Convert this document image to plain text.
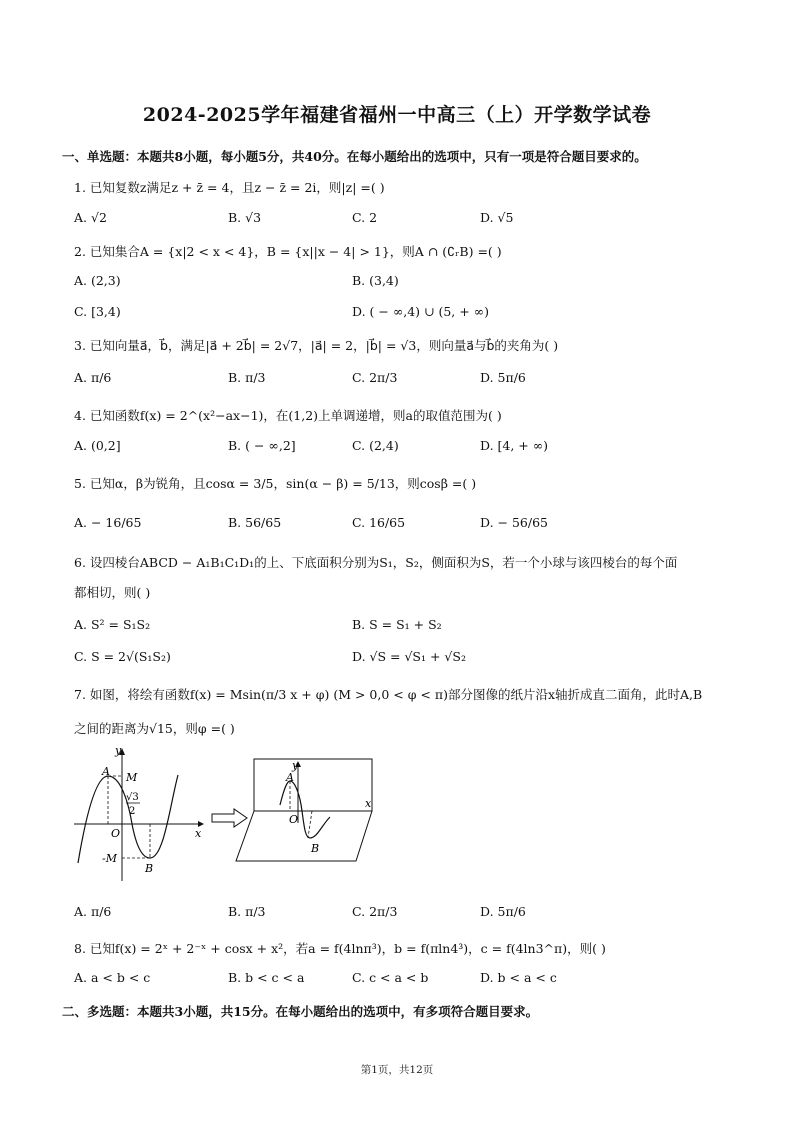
2024-2025学年福建省福州一中高三（上）开学数学试卷
一、单选题：本题共8小题，每小题5分，共40分。在每小题给出的选项中，只有一项是符合题目要求的。
1. 已知复数z满足z + z̄ = 4，且z − z̄ = 2i，则|z| =( )
A. √2	B. √3	C. 2	D. √5
2. 已知集合A = {x|2 < x < 4}，B = {x||x − 4| > 1}，则A ∩ (∁ᵣB) =( )
A. (2,3)	B. (3,4)
C. [3,4)	D. ( − ∞,4) ∪ (5, + ∞)
3. 已知向量a⃗，b⃗，满足|a⃗ + 2b⃗| = 2√7，|a⃗| = 2，|b⃗| = √3，则向量a⃗与b⃗的夹角为( )
A. π/6	B. π/3	C. 2π/3	D. 5π/6
4. 已知函数f(x) = 2^(x²−ax−1)，在(1,2)上单调递增，则a的取值范围为( )
A. (0,2]	B. ( − ∞,2]	C. (2,4)	D. [4, + ∞)
5. 已知α，β为锐角，且cosα = 3/5，sin(α − β) = 5/13，则cosβ =( )
A. − 16/65	B. 56/65	C. 16/65	D. − 56/65
6. 设四棱台ABCD − A₁B₁C₁D₁的上、下底面积分别为S₁，S₂，侧面积为S，若一个小球与该四棱台的每个面
都相切，则( )
A. S² = S₁S₂	B. S = S₁ + S₂
C. S = 2√(S₁S₂)	D. √S = √S₁ + √S₂
7. 如图，将绘有函数f(x) = Msin(π/3 x + φ) (M > 0,0 < φ < π)部分图像的纸片沿x轴折成直二面角，此时A,B
之间的距离为√15，则φ =( )
y
x
O
A M
√3
2
-M
B
y
x
A
O
B
A. π/6	B. π/3	C. 2π/3	D. 5π/6
8. 已知f(x) = 2ˣ + 2⁻ˣ + cosx + x²，若a = f(4lnπ³)，b = f(πln4³)，c = f(4ln3^π)，则( )
A. a < b < c	B. b < c < a	C. c < a < b	D. b < a < c
二、多选题：本题共3小题，共15分。在每小题给出的选项中，有多项符合题目要求。
第1页，共12页
